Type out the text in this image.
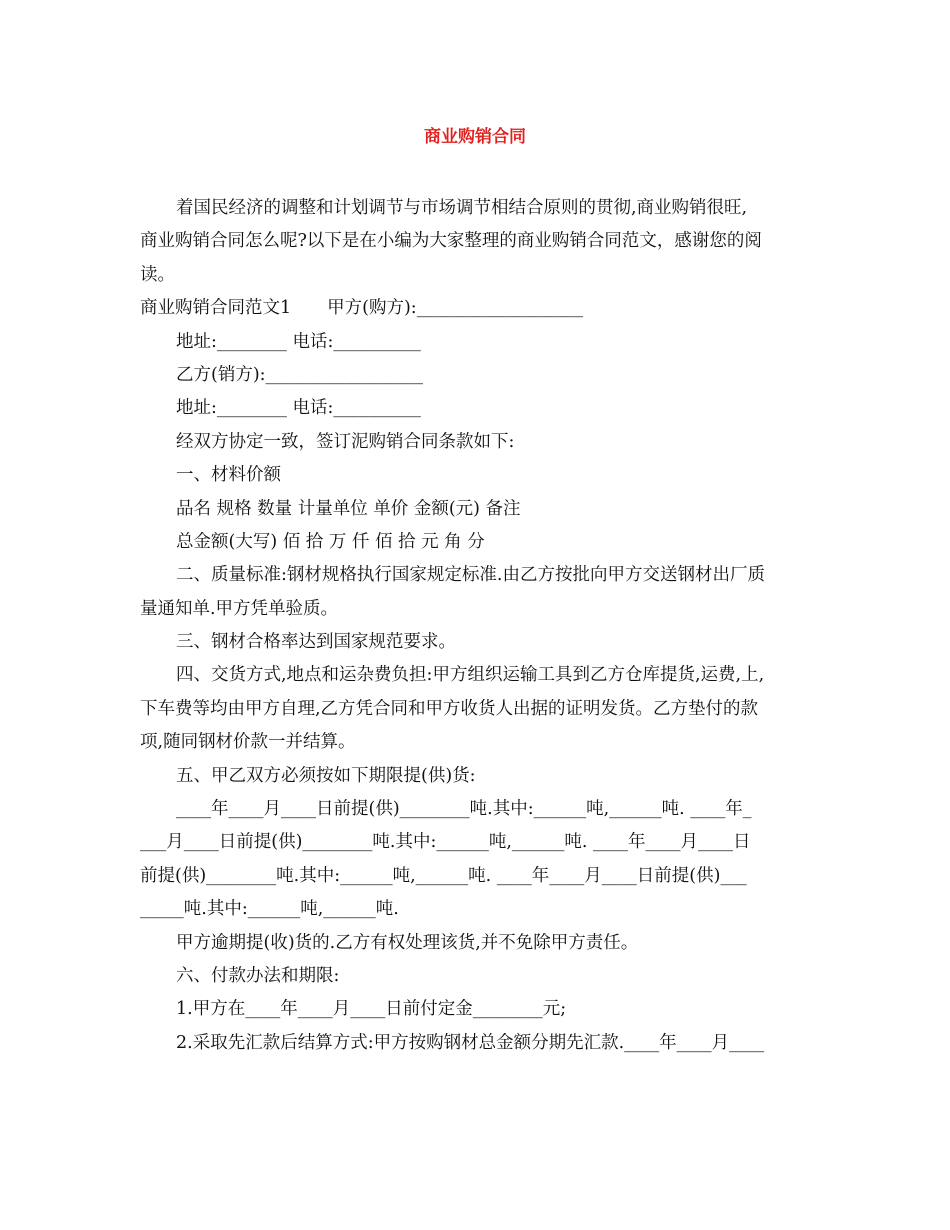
商业购销合同
着国民经济的调整和计划调节与市场调节相结合原则的贯彻,商业购销很旺,
商业购销合同怎么呢?以下是在小编为大家整理的商业购销合同范文，感谢您的阅
读。
商业购销合同范文1 甲方(购方):___________________
地址:________ 电话:__________
乙方(销方):__________________
地址:________ 电话:__________
经双方协定一致，签订泥购销合同条款如下:
一、材料价额
品名 规格 数量 计量单位 单价 金额(元) 备注
总金额(大写) 佰 拾 万 仟 佰 拾 元 角 分
二、质量标准:钢材规格执行国家规定标准.由乙方按批向甲方交送钢材出厂质
量通知单.甲方凭单验质。
三、钢材合格率达到国家规范要求。
四、交货方式,地点和运杂费负担:甲方组织运输工具到乙方仓库提货,运费,上,
下车费等均由甲方自理,乙方凭合同和甲方收货人出据的证明发货。乙方垫付的款
项,随同钢材价款一并结算。
五、甲乙双方必须按如下期限提(供)货:
____年____月____日前提(供)________吨.其中:______吨,______吨. ____年_
___月____日前提(供)________吨.其中:______吨,______吨. ____年____月____日
前提(供)________吨.其中:______吨,______吨. ____年____月____日前提(供)___
_____吨.其中:______吨,______吨.
甲方逾期提(收)货的.乙方有权处理该货,并不免除甲方责任。
六、付款办法和期限:
1.甲方在____年____月____日前付定金________元;
2.采取先汇款后结算方式:甲方按购钢材总金额分期先汇款.____年____月____
